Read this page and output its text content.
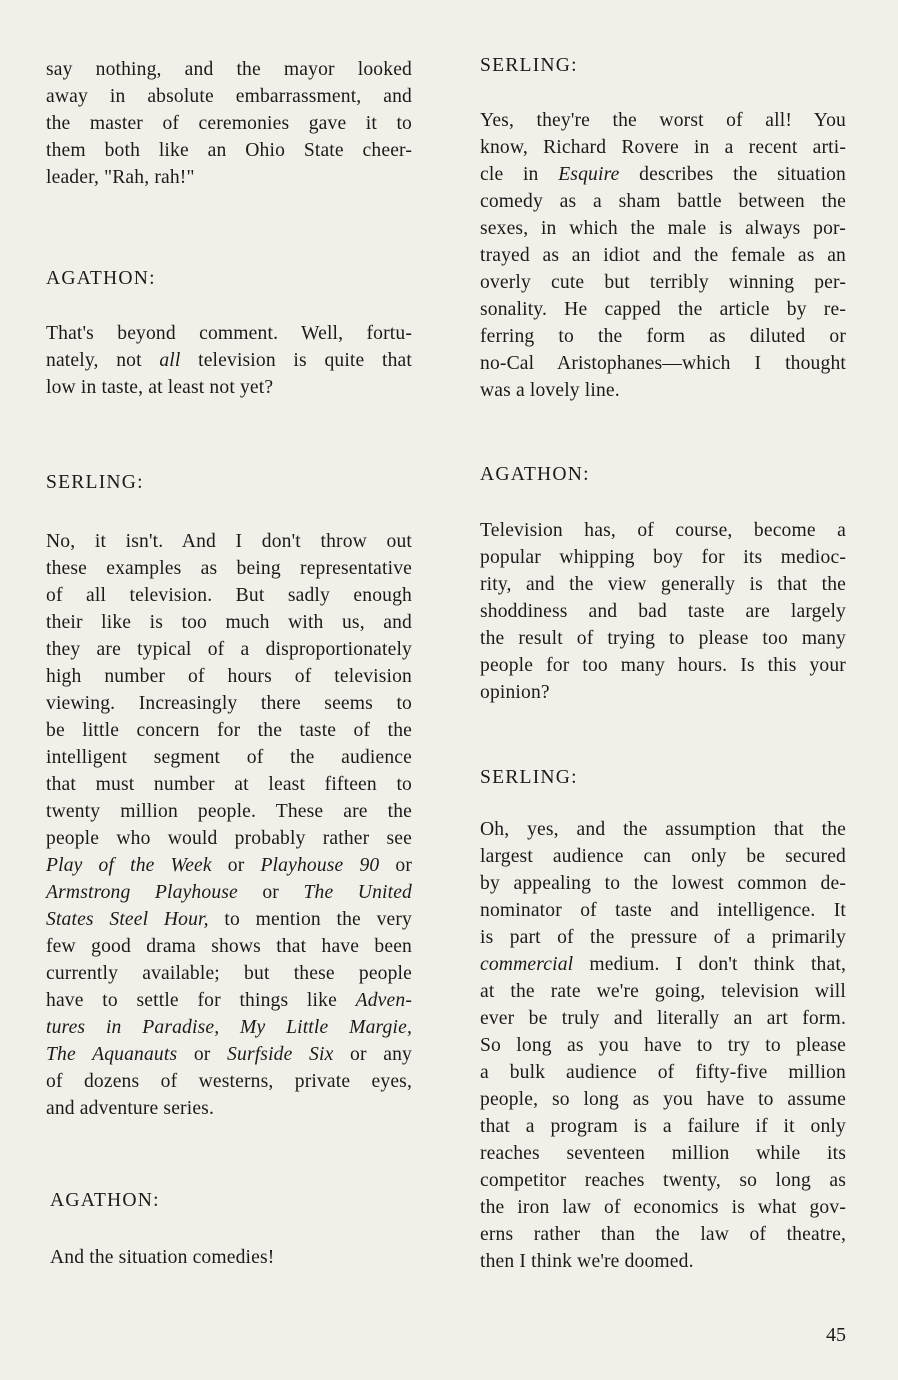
say nothing, and the mayor looked
away in absolute embarrassment, and
the master of ceremonies gave it to
them both like an Ohio State cheer-
leader, "Rah, rah!"
AGATHON:
That's beyond comment. Well, fortu-
nately, not all television is quite that
low in taste, at least not yet?
SERLING:
No, it isn't. And I don't throw out
these examples as being representative
of all television. But sadly enough
their like is too much with us, and
they are typical of a disproportionately
high number of hours of television
viewing. Increasingly there seems to
be little concern for the taste of the
intelligent segment of the audience
that must number at least fifteen to
twenty million people. These are the
people who would probably rather see
Play of the Week or Playhouse 90 or
Armstrong Playhouse or The United
States Steel Hour, to mention the very
few good drama shows that have been
currently available; but these people
have to settle for things like Adven-
tures in Paradise, My Little Margie,
The Aquanauts or Surfside Six or any
of dozens of westerns, private eyes,
and adventure series.
AGATHON:
And the situation comedies!
SERLING:
Yes, they're the worst of all! You
know, Richard Rovere in a recent arti-
cle in Esquire describes the situation
comedy as a sham battle between the
sexes, in which the male is always por-
trayed as an idiot and the female as an
overly cute but terribly winning per-
sonality. He capped the article by re-
ferring to the form as diluted or
no-Cal Aristophanes—which I thought
was a lovely line.
AGATHON:
Television has, of course, become a
popular whipping boy for its medioc-
rity, and the view generally is that the
shoddiness and bad taste are largely
the result of trying to please too many
people for too many hours. Is this your
opinion?
SERLING:
Oh, yes, and the assumption that the
largest audience can only be secured
by appealing to the lowest common de-
nominator of taste and intelligence. It
is part of the pressure of a primarily
commercial medium. I don't think that,
at the rate we're going, television will
ever be truly and literally an art form.
So long as you have to try to please
a bulk audience of fifty-five million
people, so long as you have to assume
that a program is a failure if it only
reaches seventeen million while its
competitor reaches twenty, so long as
the iron law of economics is what gov-
erns rather than the law of theatre,
then I think we're doomed.
45
